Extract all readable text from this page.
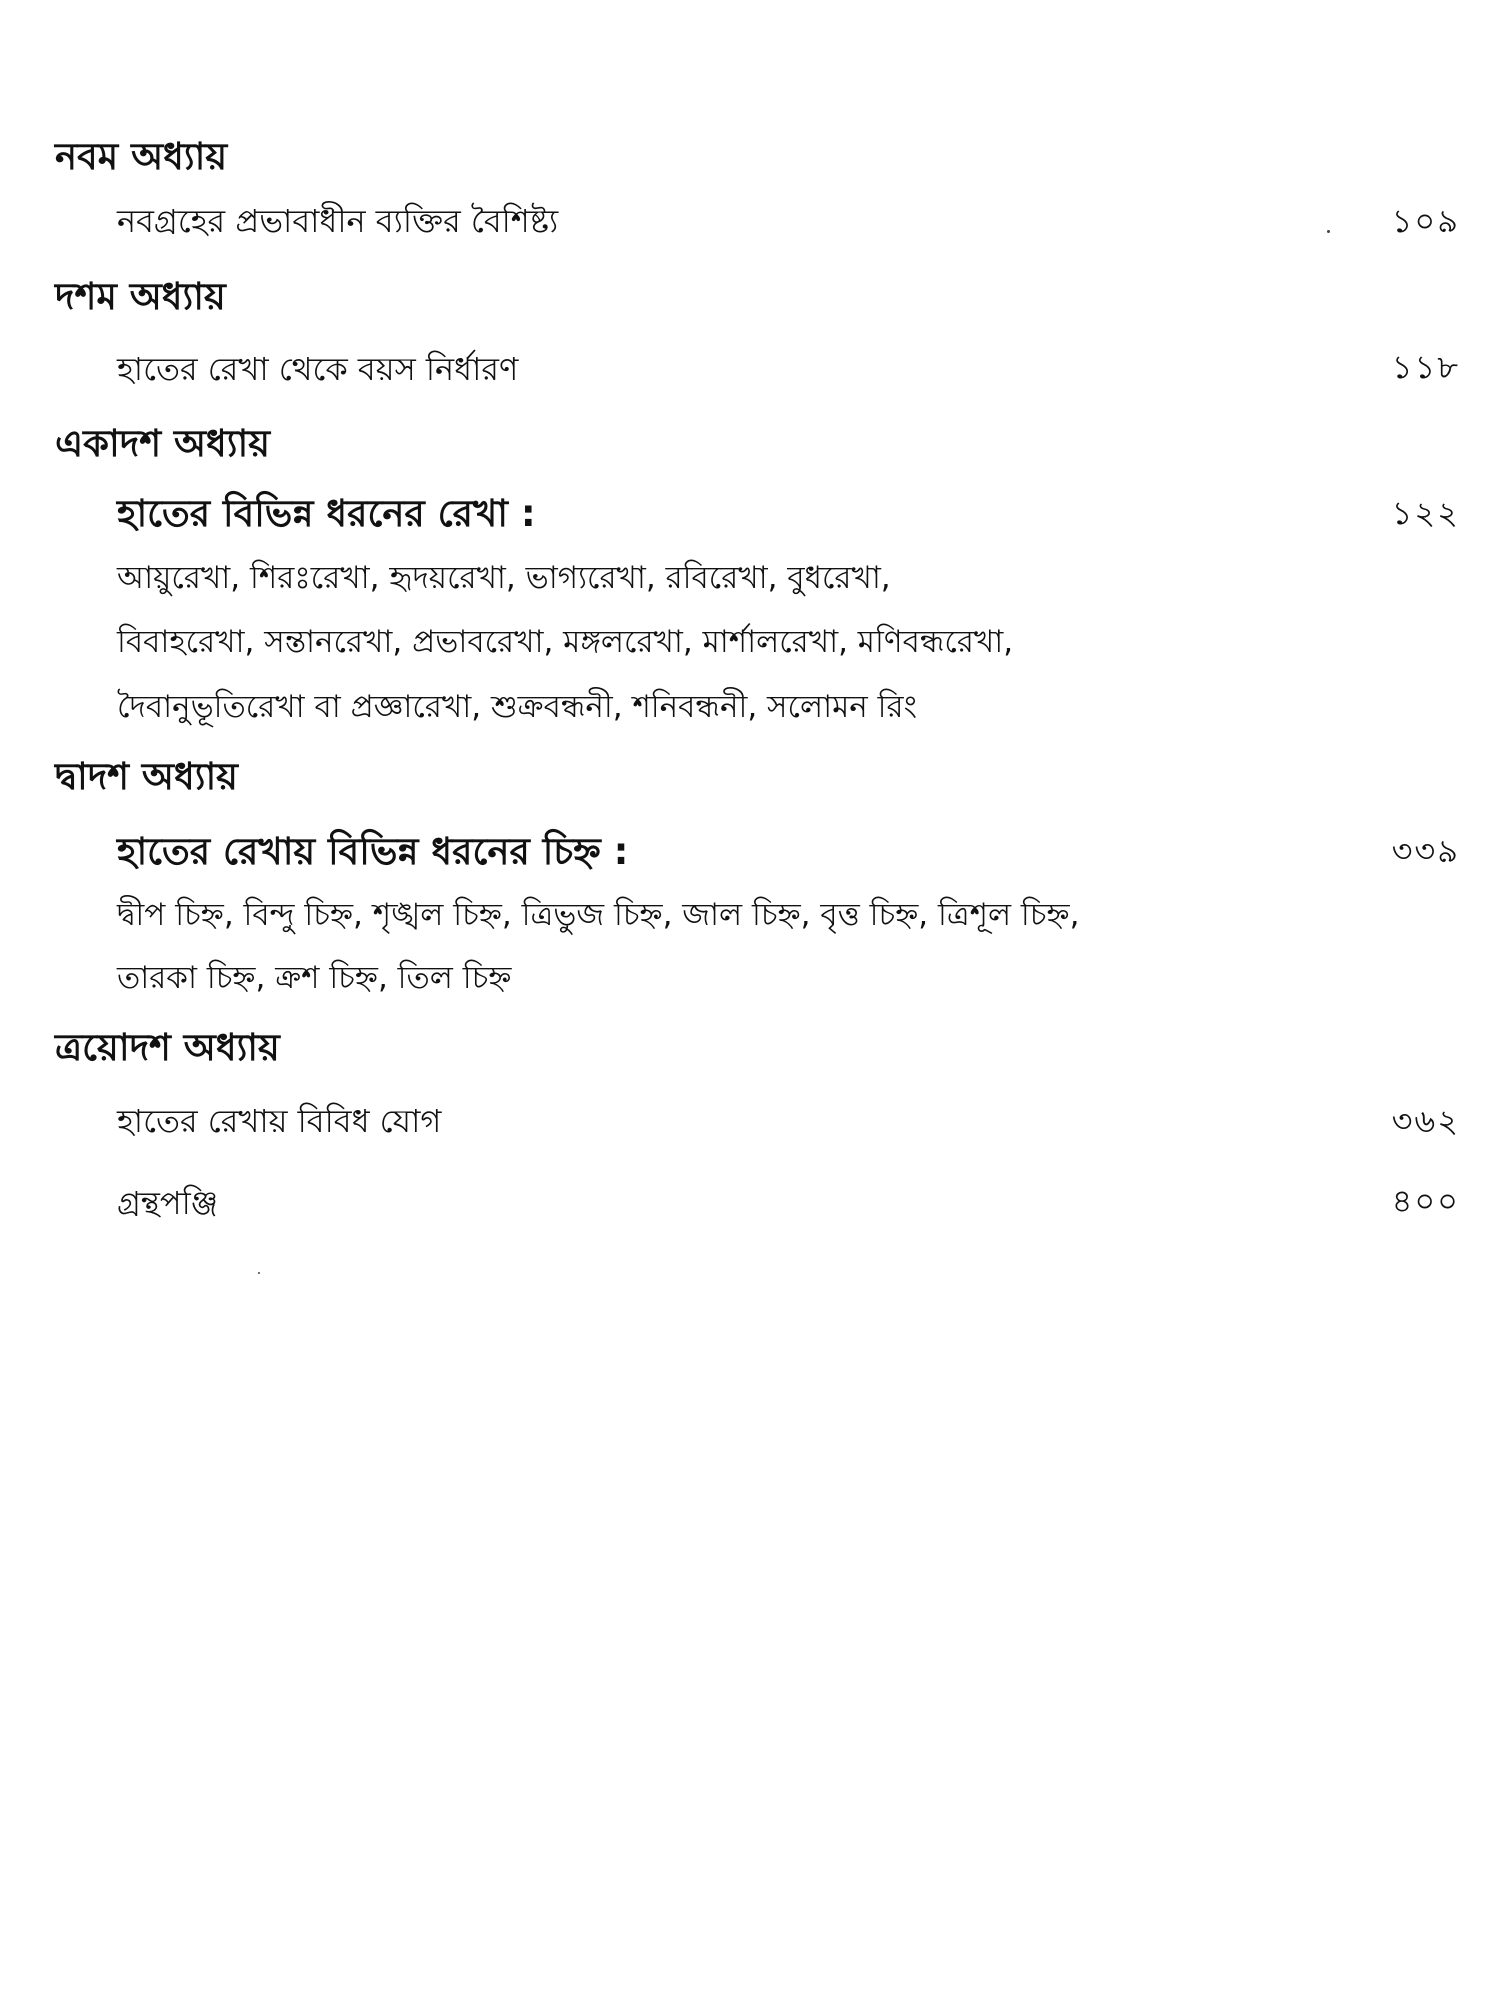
নবম অধ্যায়
নবগ্রহের প্রভাবাধীন ব্যক্তির বৈশিষ্ট্য	১০৯
দশম অধ্যায়
হাতের রেখা থেকে বয়স নির্ধারণ	১১৮
একাদশ অধ্যায়
হাতের বিভিন্ন ধরনের রেখা :	১২২
আয়ুরেখা, শিরঃরেখা, হৃদয়রেখা, ভাগ্যরেখা, রবিরেখা, বুধরেখা,
বিবাহরেখা, সন্তানরেখা, প্রভাবরেখা, মঙ্গলরেখা, মার্শালরেখা, মণিবন্ধরেখা,
দৈবানুভূতিরেখা বা প্রজ্ঞারেখা, শুক্রবন্ধনী, শনিবন্ধনী, সলোমন রিং
দ্বাদশ অধ্যায়
হাতের রেখায় বিভিন্ন ধরনের চিহ্ন :	৩৩৯
দ্বীপ চিহ্ন, বিন্দু চিহ্ন, শৃঙ্খল চিহ্ন, ত্রিভুজ চিহ্ন, জাল চিহ্ন, বৃত্ত চিহ্ন, ত্রিশূল চিহ্ন,
তারকা চিহ্ন, ক্রশ চিহ্ন, তিল চিহ্ন
ত্রয়োদশ অধ্যায়
হাতের রেখায় বিবিধ যোগ	৩৬২
গ্রন্থপঞ্জি	৪০০
